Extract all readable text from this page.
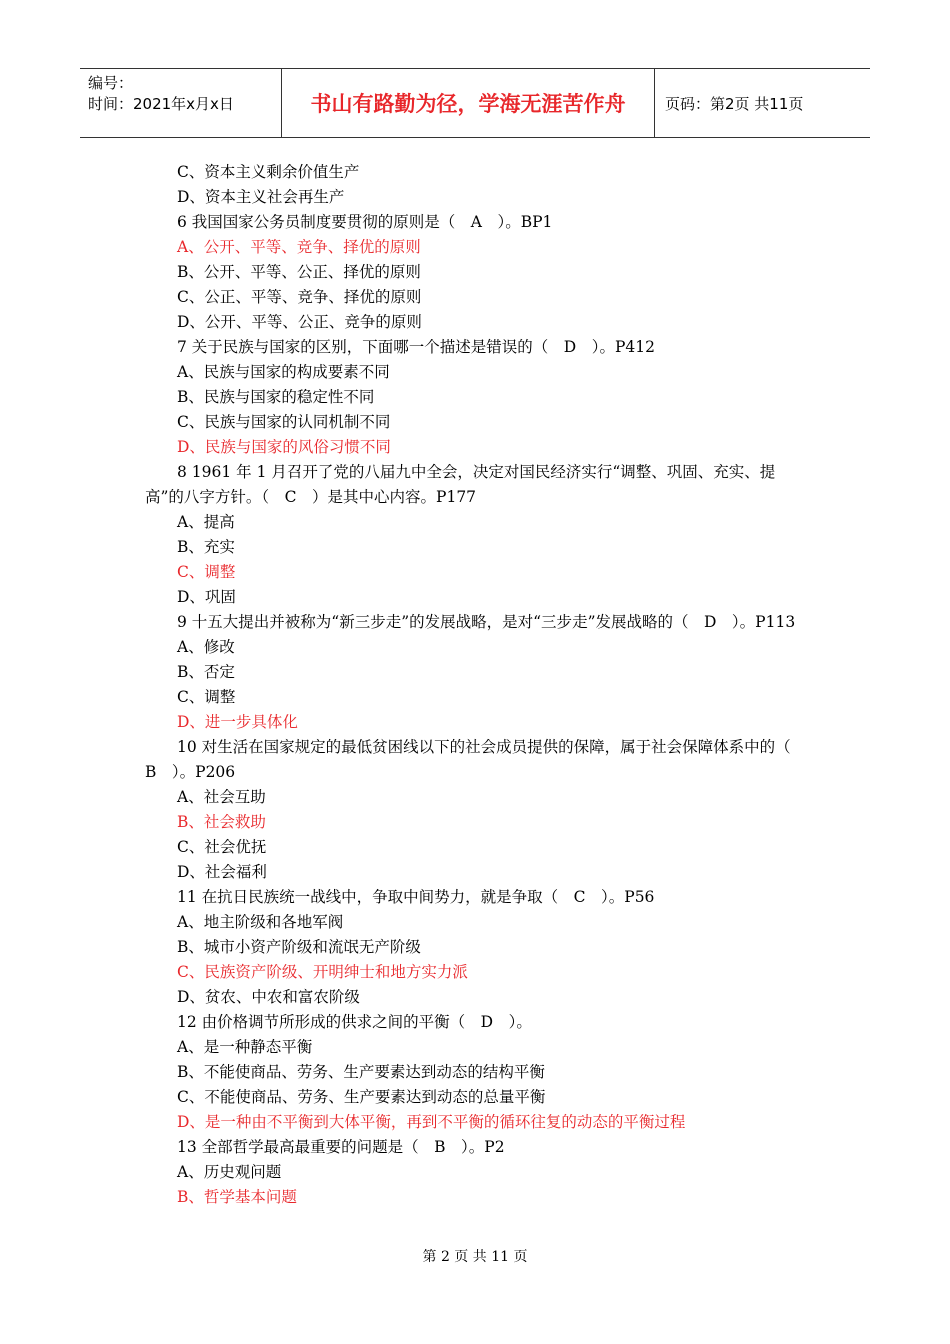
编号：
时间：2021年x月x日	书山有路勤为径，学海无涯苦作舟	页码：第2页 共11页
C、资本主义剩余价值生产
D、资本主义社会再生产
6 我国国家公务员制度要贯彻的原则是（　A　）。BP1
A、公开、平等、竞争、择优的原则
B、公开、平等、公正、择优的原则
C、公正、平等、竞争、择优的原则
D、公开、平等、公正、竞争的原则
7 关于民族与国家的区别，下面哪一个描述是错误的（　D　）。P412
A、民族与国家的构成要素不同
B、民族与国家的稳定性不同
C、民族与国家的认同机制不同
D、民族与国家的风俗习惯不同
8 1961 年 1 月召开了党的八届九中全会，决定对国民经济实行“调整、巩固、充实、提高”的八字方针。（　C　）是其中心内容。P177
A、提高
B、充实
C、调整
D、巩固
9 十五大提出并被称为“新三步走”的发展战略，是对“三步走”发展战略的（　D　）。P113
A、修改
B、否定
C、调整
D、进一步具体化
10 对生活在国家规定的最低贫困线以下的社会成员提供的保障，属于社会保障体系中的（　B　）。P206
A、社会互助
B、社会救助
C、社会优抚
D、社会福利
11 在抗日民族统一战线中，争取中间势力，就是争取（　C　）。P56
A、地主阶级和各地军阀
B、城市小资产阶级和流氓无产阶级
C、民族资产阶级、开明绅士和地方实力派
D、贫农、中农和富农阶级
12 由价格调节所形成的供求之间的平衡（　D　）。
A、是一种静态平衡
B、不能使商品、劳务、生产要素达到动态的结构平衡
C、不能使商品、劳务、生产要素达到动态的总量平衡
D、是一种由不平衡到大体平衡，再到不平衡的循环往复的动态的平衡过程
13 全部哲学最高最重要的问题是（　B　）。P2
A、历史观问题
B、哲学基本问题
第 2 页 共 11 页
